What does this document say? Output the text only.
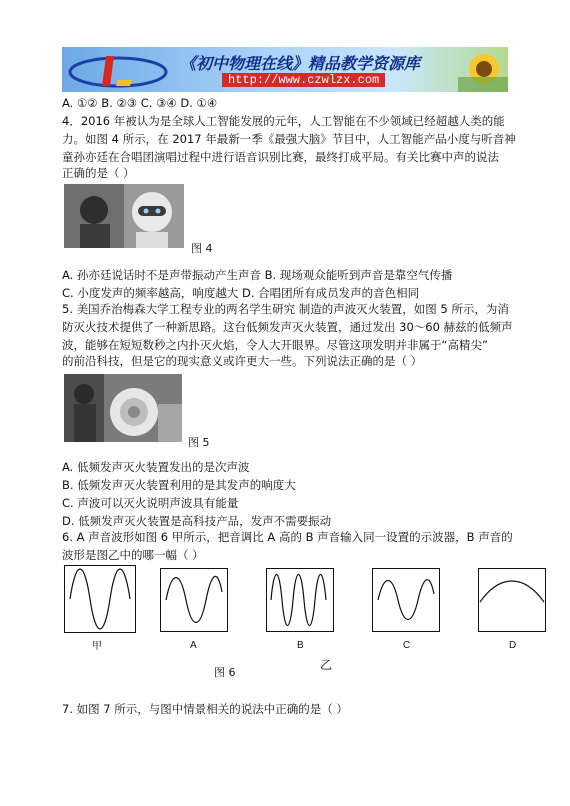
《初中物理在线》精品教学资源库
http://www.czwlzx.com
A. ①② B. ②③ C. ③④ D. ①④
4．2016 年被认为是全球人工智能发展的元年，人工智能在不少领域已经超越人类的能
力。如图 4 所示，在 2017 年最新一季《最强大脑》节目中，人工智能产品小度与听音神
童孙亦廷在合唱团演唱过程中进行语音识别比赛，最终打成平局。有关比赛中声的说法
正确的是（ ）
图 4
A. 孙亦廷说话时不是声带振动产生声音 B. 现场观众能听到声音是靠空气传播
C. 小度发声的频率越高，响度越大 D. 合唱团所有成员发声的音色相同
5. 美国乔治梅森大学工程专业的两名学生研究 制造的声波灭火装置，如图 5 所示，为消
防灭火技术提供了一种新思路。这台低频发声灭火装置，通过发出 30～60 赫兹的低频声
波，能够在短短数秒之内扑灭火焰，令人大开眼界。尽管这项发明并非属于“高精尖”
的前沿科技，但是它的现实意义或许更大一些。下列说法正确的是（ ）
图 5
A. 低频发声灭火装置发出的是次声波
B. 低频发声灭火装置利用的是其发声的响度大
C. 声波可以灭火说明声波具有能量
D. 低频发声灭火装置是高科技产品，发声不需要振动
6. A 声音波形如图 6 甲所示，把音调比 A 高的 B 声音输入同一设置的示波器，B 声音的
波形是图乙中的哪一幅（ ）
甲	A	B	C	D
乙
图 6
7. 如图 7 所示，与图中情景相关的说法中正确的是（ ）
